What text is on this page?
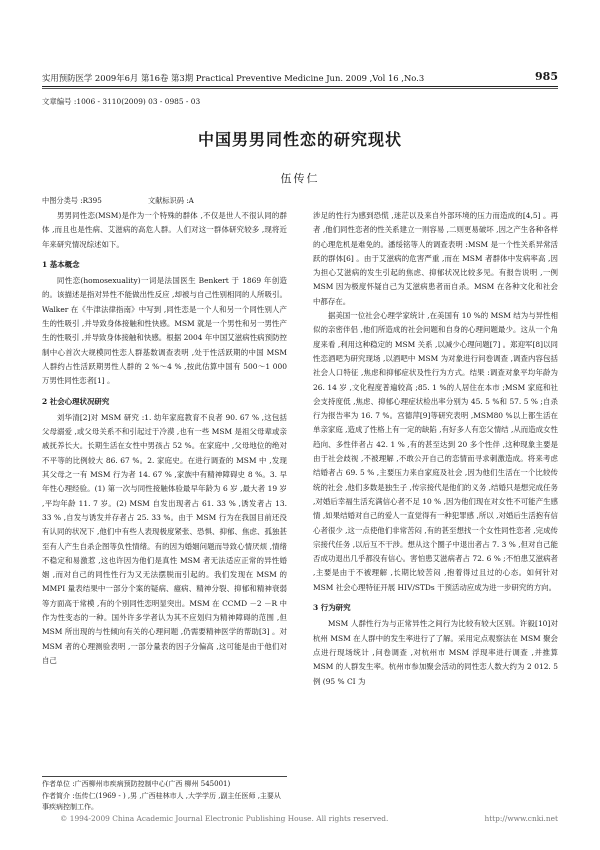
实用预防医学 2009年6月 第16卷 第3期 Practical Preventive Medicine Jun. 2009 ,Vol 16 ,No.3	985
文章编号 :1006 - 3110(2009) 03 - 0985 - 03
中国男男同性恋的研究现状
伍传仁
中图分类号 :R395	文献标识码 :A

男男同性恋(MSM)是作为一个特殊的群体 ,不仅是世人不很认同的群体 ,而且也是性病、艾滋病的高危人群。人们对这一群体研究较多 ,现将近年来研究情况综述如下。

1 基本概念

同性恋(homosexuality)一词是法国医生 Benkert 于 1869 年创造的。该描述是指对异性不能做出性反应 ,却被与自己性别相同的人所吸引。Walker 在《牛津法律指南》中写到 ,同性恋是一个人和另一个同性别人产生的性吸引 ,并导致身体接触和性快感。MSM 就是一个男性和另一男性产生的性吸引 ,并导致身体接触和快感。根据 2004 年中国艾滋病性病预防控制中心首次大规模同性恋人群基数调查表明 ,处于性活跃期的中国 MSM 人群约占性活跃期男性人群的 2 %～4 % ,按此估算中国有 500～1 000 万男性同性恋者[1] 。

2 社会心理状况研究

刘华清[2]对 MSM 研究 :1. 幼年家庭教育不良者 90. 67 % ,这包括父母溺爱 ,或父母关系不和引起过于冷漠 ,也有一些 MSM 是祖父母辈或亲戚抚养长大。长期生活在女性中男孩占 52 %。在家庭中 ,父母地位的绝对不平等的比例较大 86. 67 %。2. 家庭史。在进行调查的 MSM 中 ,发现其父母之一有 MSM 行为者 14. 67 % ,家族中有精神障碍史 8 %。3. 早年性心理经验。(1) 第一次与同性接触体验最早年龄为 6 岁 ,最大者 19 岁 ,平均年龄 11. 7 岁。(2) MSM 自发出现者占 61. 33 % ,诱发者占 13. 33 % ,自发与诱发并存者占 25. 33 %。由于 MSM 行为在我国目前还没有认同的状况下 ,他们中有些人表现极度紧张、恐惧、抑郁、焦虑、孤独甚至有人产生自杀企图等负性情绪。有的因为婚姻问题而导致心情厌烦 ,情绪不稳定和易激惹 ,这也许因为他们是真性 MSM 者无法适应正常的异性婚姻 ,而对自己的同性性行为又无法摆脱而引起的。我们发现在 MSM 的 MMPI 量表结果中一部分个案的疑病、癔病、精神分裂、抑郁和精神衰弱等方面高于常模 ,有的个别同性恋明显突出。MSM 在 CCMD －2 －R 中作为性变态的一种。国外许多学者认为其不应划归为精神障碍的范围 ,但 MSM 所出现的与性倾向有关的心理问题 ,仍需要精神医学的帮助[3] 。对 MSM 者的心理测验表明 ,一部分量表的因子分偏高 ,这可能是由于他们对自己

涉足的性行为感到恐慌 ,迷茫以及来自外部环境的压力而造成的[4,5] 。再者 ,他们同性恋者的性关系建立一则容易 ,二则更易破坏 ,因之产生各种各样的心理危机是难免的。潘绥铭等人的调查表明 :MSM 是一个性关系异常活跃的群体[6] 。由于艾滋病的危害严重 ,而在 MSM 者群体中发病率高 ,因为担心艾滋病的发生引起的焦虑、抑郁状况比较多见。有报告说明 ,一例 MSM 因为极度怀疑自己为艾滋病患者而自杀。MSM 在各种文化和社会中都存在。

据美国一位社会心理学家统计 ,在美国有 10 %的 MSM 结为与异性相似的亲密伴侣 ,他们所造成的社会问题和自身的心理问题最少。这从一个角度来看 ,利用这种稳定的 MSM 关系 ,以减少心理问题[7] 。郑迎军[8]以同性恋酒吧为研究现场 ,以酒吧中 MSM 为对象进行问卷调查 ,调查内容包括社会人口特征 ,焦虑和抑郁症状及性行为方式。结果 :调查对象平均年龄为 26. 14 岁 ,文化程度普遍较高 ;85. 1 %的人居住在本市 ;MSM 家庭和社会支持度低 ,焦虑、抑郁心理症状检出率分别为 45. 5 %和 57. 5 % ;自杀行为报告率为 16. 7 %。宫德萍[9]等研究表明 ,MSM80 %以上都生活在单亲家庭 ,造成了性格上有一定的缺陷 ,有好多人有恋父情结 ,从而造成女性趋向、多性伴者占 42. 1 % ,有的甚至达到 20 多个性伴 ,这种现象主要是由于社会歧视 ,不被理解 ,不敢公开自己的恋情而寻求刺激造成。将来考虑结婚者占 69. 5 % ,主要压力来自家庭及社会 ,因为他们生活在一个比较传统的社会 ,他们多数是独生子 ,传宗接代是他们的义务 ,结婚只是想完成任务 ,对婚后幸福生活充满信心者不足 10 % ,因为他们现在对女性不可能产生感情 ,如果结婚对自己的爱人一直觉得有一种犯罪感 ,所以 ,对婚后生活抱有信心者很少 ,这一点使他们非常苦闷 ,有的甚至想找一个女性同性恋者 ,完成传宗接代任务 ,以后互不干涉。想从这个圈子中退出者占 7. 3 % ,但对自己能否成功退出几乎都没有信心。害怕患艾滋病者占 72. 6 % ;不怕患艾滋病者 ,主要是由于不被理解 ,长期比较苦闷 ,抱着得过且过的心态。如何针对 MSM 社会心理特征开展 HIV/STDs 干预活动应成为进一步研究的方向。

3 行为研究

MSM 人群性行为与正常异性之间行为比较有较大区别。许毅[10]对杭州 MSM 在人群中的发生率进行了了解。采用定点观察法在 MSM 聚会点进行现场统计 ,问卷调查 ,对杭州市 MSM 浮现率进行调查 ,并推算 MSM 的人群发生率。杭州市参加聚会活动的同性恋人数大约为 2 012. 5 例 (95 % CI 为

作者单位 :广西柳州市疾病预防控制中心(广西 柳州 545001)
作者简介 :伍传仁(1969 - ) ,男 ,广西桂林市人 ,大学学历 ,副主任医师 ,主要从事疾病控制工作。
© 1994-2009 China Academic Journal Electronic Publishing House. All rights reserved.	http://www.cnki.net
